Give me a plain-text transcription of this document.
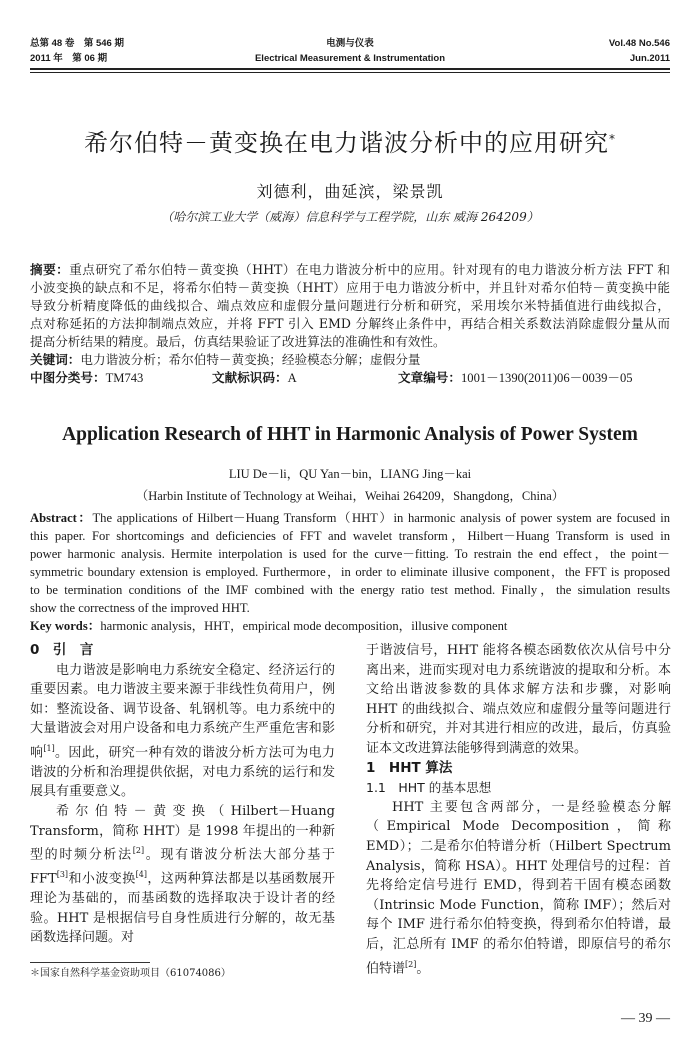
总第 48 卷　第 546 期
2011 年　第 06 期
电测与仪表
Electrical Measurement & Instrumentation
Vol.48 No.546
Jun.2011
希尔伯特－黄变换在电力谐波分析中的应用研究*
刘德利，曲延滨，梁景凯
（哈尔滨工业大学（威海）信息科学与工程学院，山东 威海 264209）
摘要：重点研究了希尔伯特－黄变换（HHT）在电力谐波分析中的应用。针对现有的电力谐波分析方法 FFT 和
小波变换的缺点和不足，将希尔伯特－黄变换（HHT）应用于电力谐波分析中，并且针对希尔伯特－黄变换中能
导致分析精度降低的曲线拟合、端点效应和虚假分量问题进行分析和研究，采用埃尔米特插值进行曲线拟合，
点对称延拓的方法抑制端点效应，并将 FFT 引入 EMD 分解终止条件中，再结合相关系数法消除虚假分量从而
提高分析结果的精度。最后，仿真结果验证了改进算法的准确性和有效性。
关键词：电力谐波分析；希尔伯特－黄变换；经验模态分解；虚假分量
中图分类号：TM743	文献标识码：A	文章编号：1001－1390(2011)06－0039－05
Application Research of HHT in Harmonic Analysis of Power System
LIU De－li，QU Yan－bin，LIANG Jing－kai
（Harbin Institute of Technology at Weihai，Weihai 264209，Shangdong，China）
Abstract：The applications of Hilbert－Huang Transform（HHT）in harmonic analysis of power system are focused in
this paper. For shortcomings and deficiencies of FFT and wavelet transform，Hilbert－Huang Transform is used in
power harmonic analysis. Hermite interpolation is used for the curve－fitting. To restrain the end effect，the point－
symmetric boundary extension is employed. Furthermore，in order to eliminate illusive component，the FFT is proposed
to be termination conditions of the IMF combined with the energy ratio test method. Finally，the simulation results
show the correctness of the improved HHT.
Key words：harmonic analysis，HHT，empirical mode decomposition，illusive component
0　引　言

电力谐波是影响电力系统安全稳定、经济运行的重要因素。电力谐波主要来源于非线性负荷用户，例如：整流设备、调节设备、轧钢机等。电力系统中的大量谐波会对用户设备和电力系统产生严重危害和影响[1]。因此，研究一种有效的谐波分析方法可为电力谐波的分析和治理提供依据，对电力系统的运行和发展具有重要意义。

希尔伯特－黄变换（Hilbert－Huang Transform，简称 HHT）是 1998 年提出的一种新型的时频分析法[2]。现有谐波分析法大部分基于 FFT[3]和小波变换[4]，这两种算法都是以基函数展开理论为基础的，而基函数的选择取决于设计者的经验。HHT 是根据信号自身性质进行分解的，故无基函数选择问题。对

＊国家自然科学基金资助项目（61074086）

于谐波信号，HHT 能将各模态函数依次从信号中分离出来，进而实现对电力系统谐波的提取和分析。本文给出谐波参数的具体求解方法和步骤，对影响 HHT 的曲线拟合、端点效应和虚假分量等问题进行分析和研究，并对其进行相应的改进，最后，仿真验证本文改进算法能够得到满意的效果。

1　HHT 算法
1.1　HHT 的基本思想

HHT 主要包含两部分，一是经验模态分解（Empirical Mode Decomposition，简称 EMD）；二是希尔伯特谱分析（Hilbert Spectrum Analysis，简称 HSA）。HHT 处理信号的过程：首先将给定信号进行 EMD，得到若干固有模态函数（Intrinsic Mode Function，简称 IMF）；然后对每个 IMF 进行希尔伯特变换，得到希尔伯特谱，最后，汇总所有 IMF 的希尔伯特谱，即原信号的希尔伯特谱[2]。

— 39 —
